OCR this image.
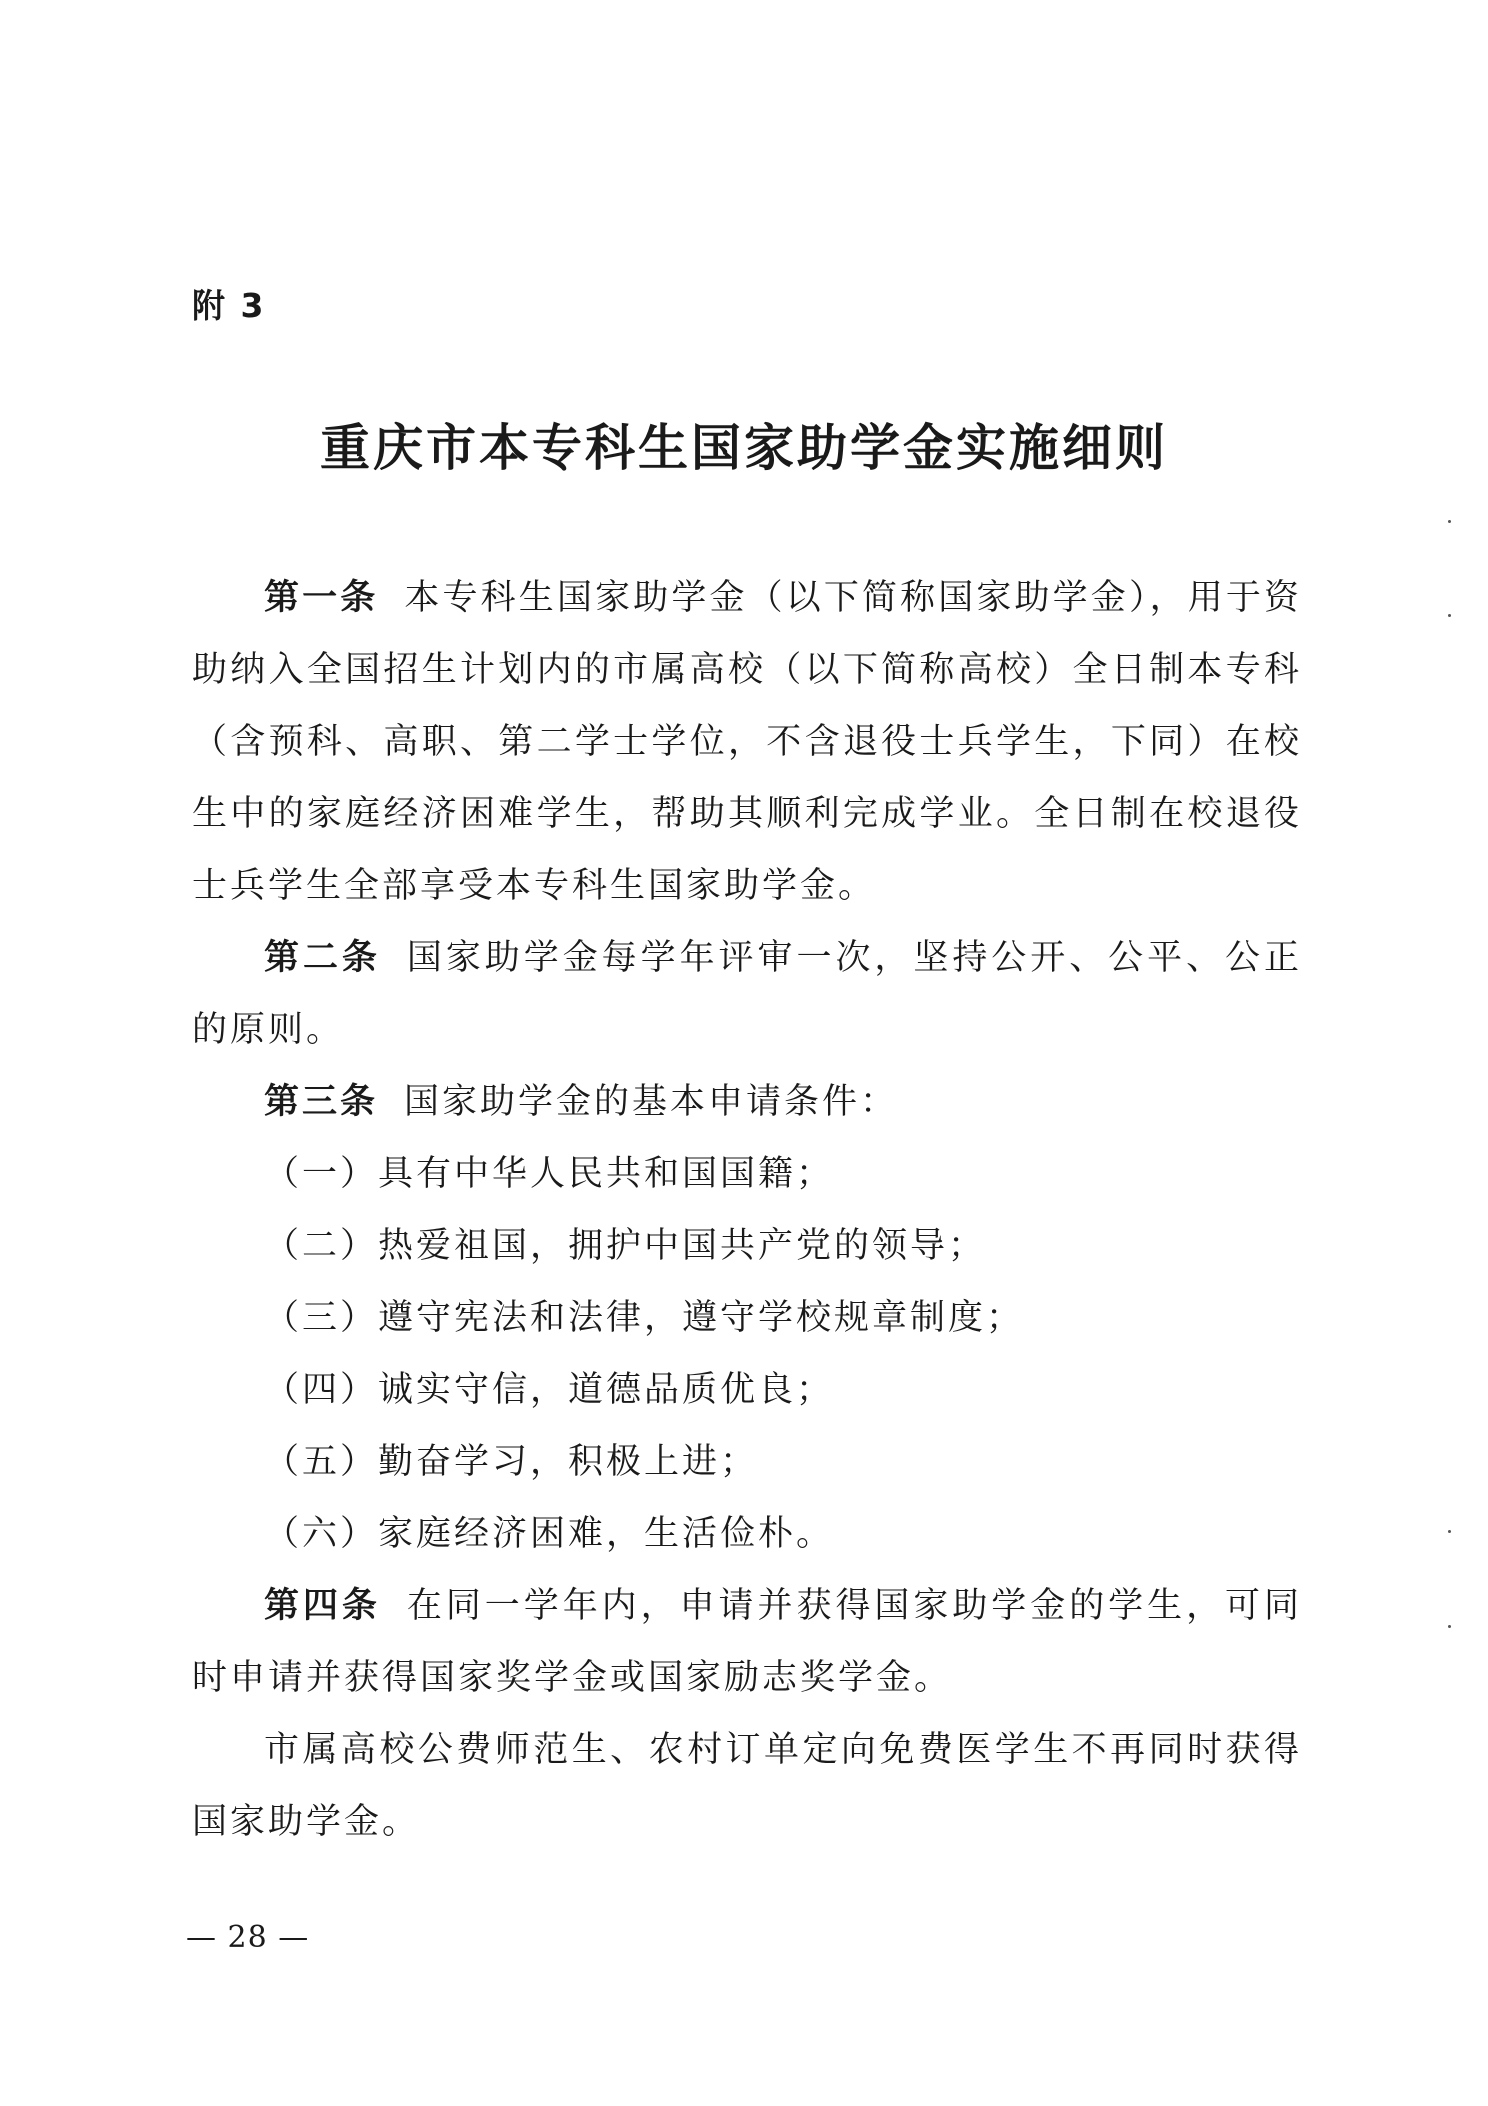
附 3
重庆市本专科生国家助学金实施细则

第一条 本专科生国家助学金（以下简称国家助学金），用于资助纳入全国招生计划内的市属高校（以下简称高校）全日制本专科（含预科、高职、第二学士学位，不含退役士兵学生，下同）在校生中的家庭经济困难学生，帮助其顺利完成学业。全日制在校退役士兵学生全部享受本专科生国家助学金。

第二条 国家助学金每学年评审一次，坚持公开、公平、公正的原则。

第三条 国家助学金的基本申请条件：

（一）具有中华人民共和国国籍；

（二）热爱祖国，拥护中国共产党的领导；

（三）遵守宪法和法律，遵守学校规章制度；

（四）诚实守信，道德品质优良；

（五）勤奋学习，积极上进；

（六）家庭经济困难，生活俭朴。

第四条 在同一学年内，申请并获得国家助学金的学生，可同时申请并获得国家奖学金或国家励志奖学金。

市属高校公费师范生、农村订单定向免费医学生不再同时获得国家助学金。

— 28 —
